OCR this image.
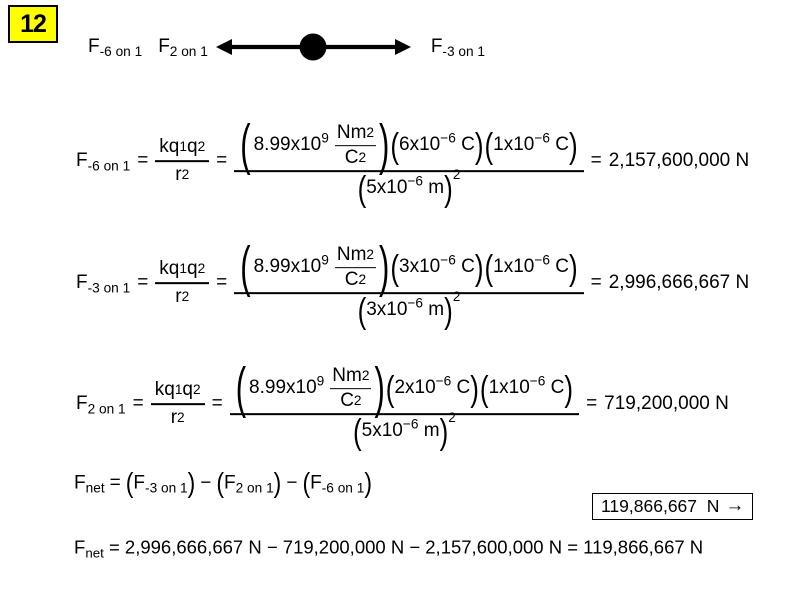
12
$F_{-6 on 1}$ $F_{2 on 1}$	$F_{-3 on 1}$
$F_{-6 on 1} = \frac{kq 1 q 2}{r 2}$ = ( $8.99x10^9 \frac{Nm 2}{C 2}$ ) ( $6x10^{-6}$ C ) ( $1x10^{-6}$ C )
( $5x10^{-6}$ m ) 2
= 2,157,600,000 N
$F_{-3 on 1} = \frac{kq 1 q 2}{r 2}$ = ( $8.99x10^9 \frac{Nm 2}{C 2}$ ) ( $3x10^{-6}$ C ) ( $1x10^{-6}$ C )
( $3x10^{-6}$ m ) 2
= 2,996,666,667 N
$F_{2 on 1} = \frac{kq 1 q 2}{r 2}$ = ( $8.99x10^9 \frac{Nm 2}{C 2}$ ) ( $2x10^{-6}$ C ) ( $1x10^{-6}$ C )
( $5x10^{-6}$ m ) 2
= 719,200,000 N
$F_{net}$ = ( $F_{-3 on 1}$ ) − ( $F_{2 on 1}$ ) − ( $F_{-6 on 1}$ )
119,866,667  N →
$F_{net} = 2,996,666,667$ N − 719,200,000 N − 2,157,600,000 N = 119,866,667 N
